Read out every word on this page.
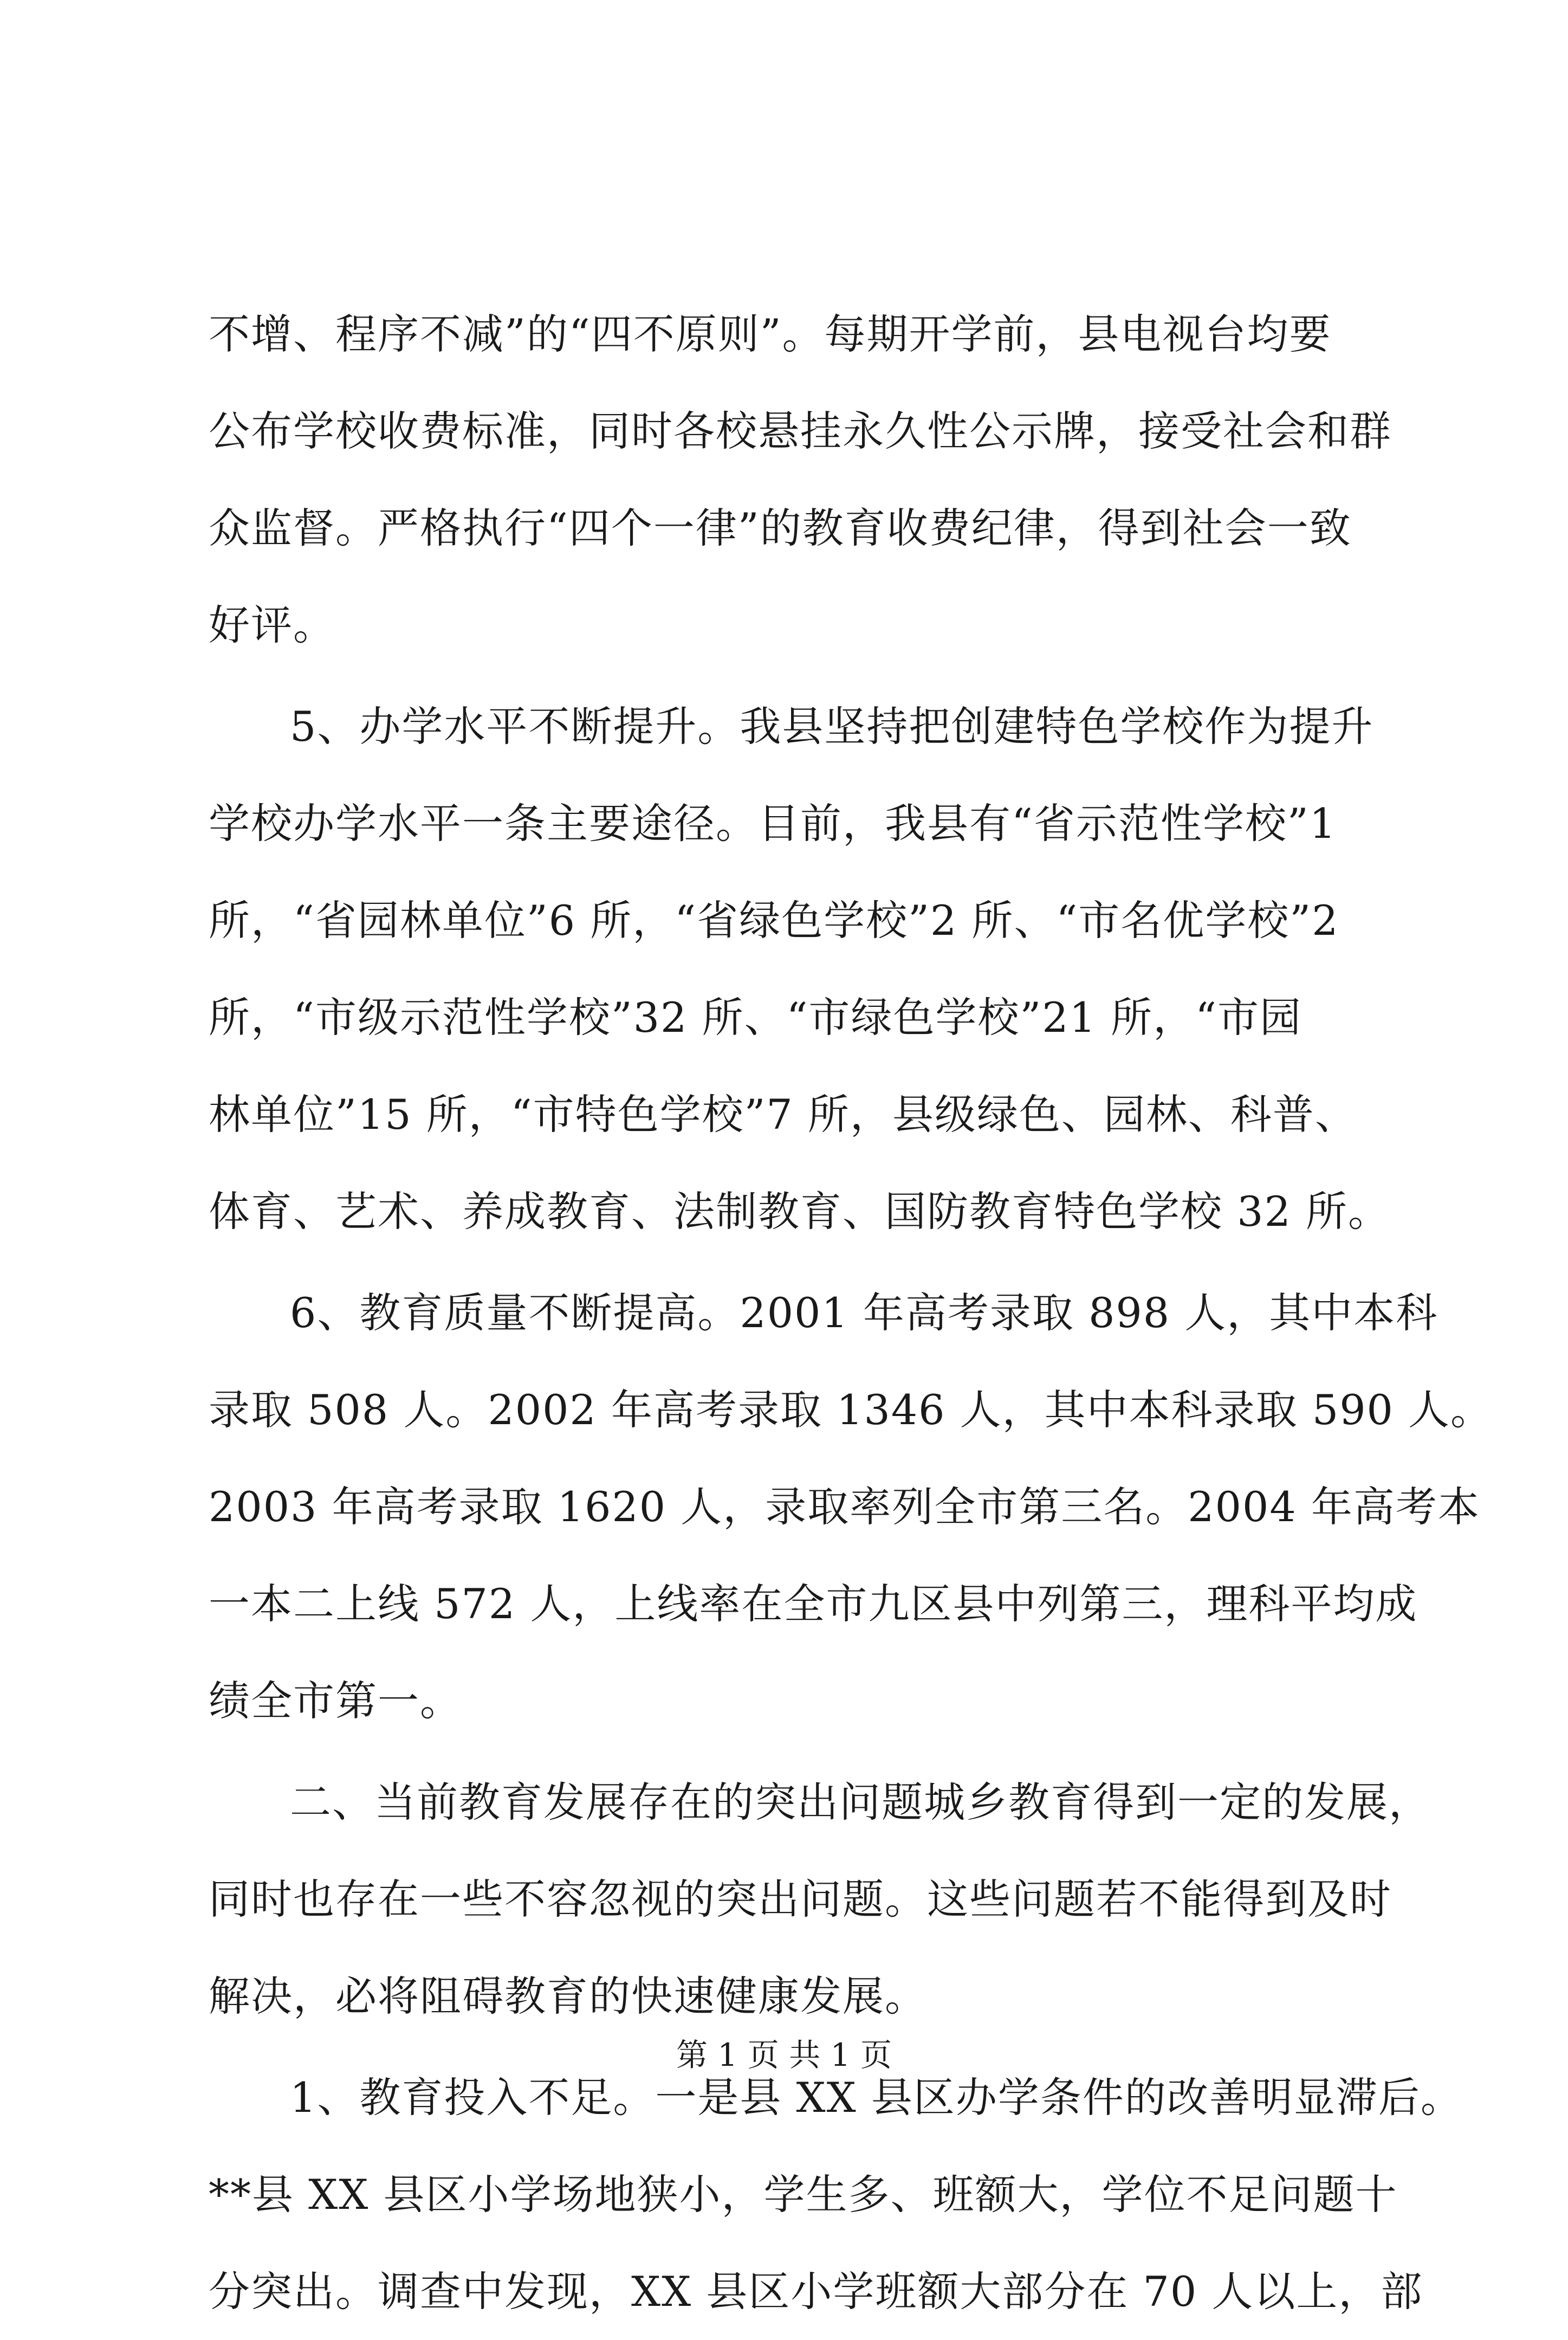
不增、程序不减”的“四不原则”。每期开学前，县电视台均要
公布学校收费标准，同时各校悬挂永久性公示牌，接受社会和群
众监督。严格执行“四个一律”的教育收费纪律，得到社会一致
好评。
5、办学水平不断提升。我县坚持把创建特色学校作为提升
学校办学水平一条主要途径。目前，我县有“省示范性学校”1
所，“省园林单位”6 所，“省绿色学校”2 所、“市名优学校”2
所，“市级示范性学校”32 所、“市绿色学校”21 所，“市园
林单位”15 所，“市特色学校”7 所，县级绿色、园林、科普、
体育、艺术、养成教育、法制教育、国防教育特色学校 32 所。
6、教育质量不断提高。2001 年高考录取 898 人，其中本科
录取 508 人。2002 年高考录取 1346 人，其中本科录取 590 人。
2003 年高考录取 1620 人，录取率列全市第三名。2004 年高考本
一本二上线 572 人，上线率在全市九区县中列第三，理科平均成
绩全市第一。
二、当前教育发展存在的突出问题城乡教育得到一定的发展，
同时也存在一些不容忽视的突出问题。这些问题若不能得到及时
解决，必将阻碍教育的快速健康发展。
1、教育投入不足。一是县 XX 县区办学条件的改善明显滞后。
**县 XX 县区小学场地狭小，学生多、班额大，学位不足问题十
分突出。调查中发现，XX 县区小学班额大部分在 70 人以上，部
第 1 页 共 1 页
